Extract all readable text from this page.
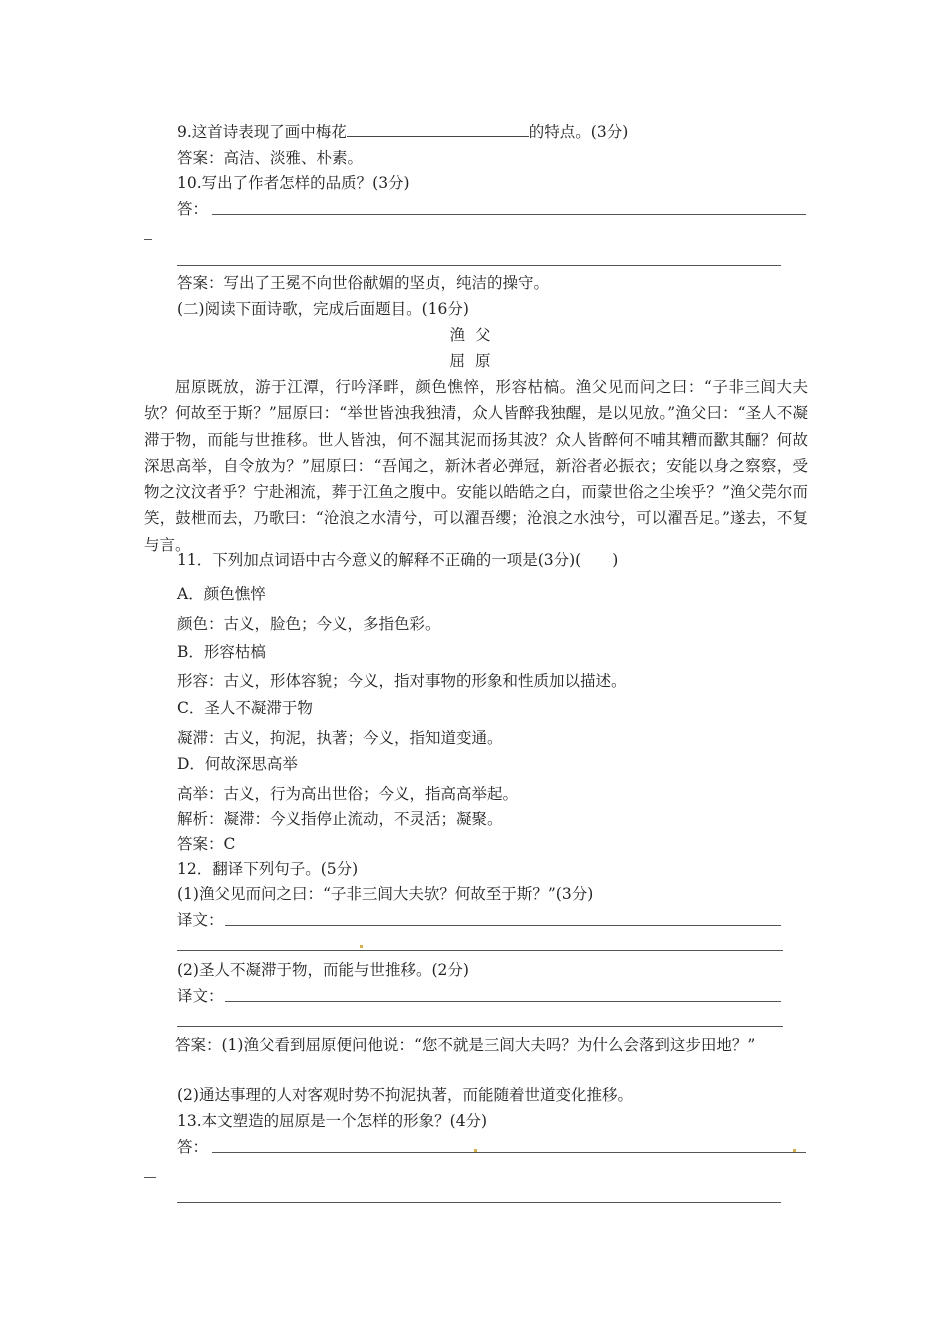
9.这首诗表现了画中梅花	的特点。(3分)
答案：高洁、淡雅、朴素。
10.写出了作者怎样的品质？(3分)
答：
答案：写出了王冕不向世俗献媚的坚贞，纯洁的操守。
(二)阅读下面诗歌，完成后面题目。(16分)
渔父
屈原
屈原既放，游于江潭，行吟泽畔，颜色憔悴，形容枯槁。渔父见而问之曰：“子非三闾大夫欤？何故至于斯？”屈原曰：“举世皆浊我独清，众人皆醉我独醒，是以见放。”渔父曰：“圣人不凝滞于物，而能与世推移。世人皆浊，何不淈其泥而扬其波？众人皆醉何不哺其糟而歠其酾？何故深思高举，自令放为？”屈原曰：“吾闻之，新沐者必弹冠，新浴者必振衣；安能以身之察察，受物之汶汶者乎？宁赴湘流，葬于江鱼之腹中。安能以皓皓之白，而蒙世俗之尘埃乎？”渔父莞尔而笑，鼓枻而去，乃歌曰：“沧浪之水清兮，可以濯吾缨；沧浪之水浊兮，可以濯吾足。”遂去，不复与言。
11．下列加点词语中古今意义的解释不正确的一项是(3分)(　　)
A．颜色憔悴
颜色：古义，脸色；今义，多指色彩。
B．形容枯槁
形容：古义，形体容貌；今义，指对事物的形象和性质加以描述。
C．圣人不凝滞于物
凝滞：古义，拘泥，执著；今义，指知道变通。
D．何故深思高举
高举：古义，行为高出世俗；今义，指高高举起。
解析：凝滞：今义指停止流动，不灵活；凝聚。
答案：C
12．翻译下列句子。(5分)
(1)渔父见而问之曰：“子非三闾大夫欤？何故至于斯？”(3分)
译文：
(2)圣人不凝滞于物，而能与世推移。(2分)
译文：
答案：(1)渔父看到屈原便问他说：“您不就是三闾大夫吗？为什么会落到这步田地？”
(2)通达事理的人对客观时势不拘泥执著，而能随着世道变化推移。
13.本文塑造的屈原是一个怎样的形象？(4分)
答：
